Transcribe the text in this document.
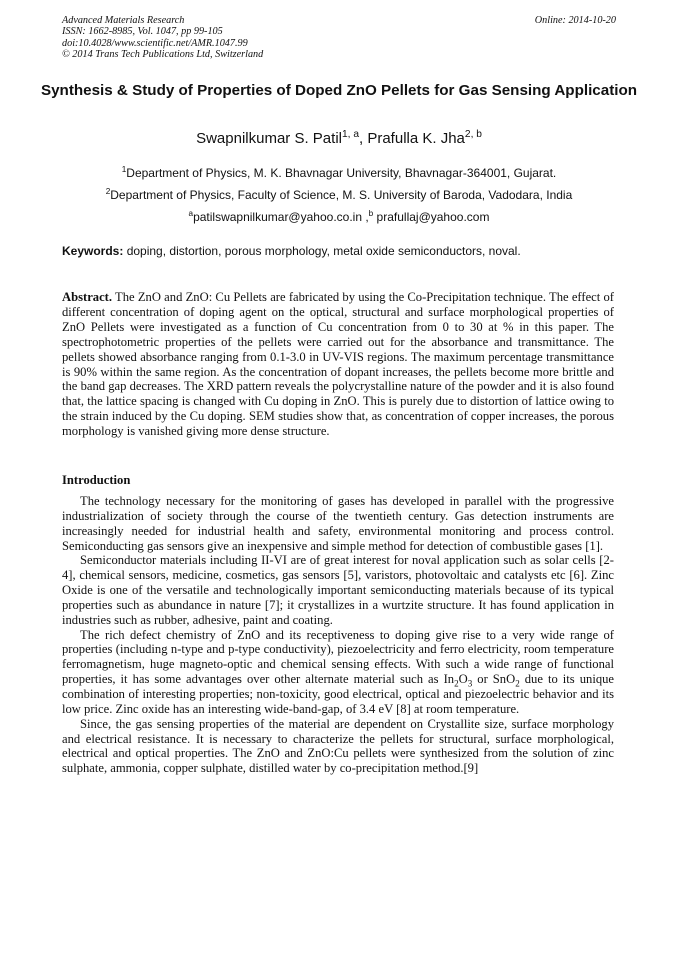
Advanced Materials Research
ISSN: 1662-8985, Vol. 1047, pp 99-105
doi:10.4028/www.scientific.net/AMR.1047.99
© 2014 Trans Tech Publications Ltd, Switzerland
Online: 2014-10-20
Synthesis & Study of Properties of Doped ZnO Pellets for Gas Sensing Application
Swapnilkumar S. Patil$^{1, a}$, Prafulla K. Jha$^{2, b}$
$^1$Department of Physics, M. K. Bhavnagar University, Bhavnagar-364001, Gujarat.
$^2$Department of Physics, Faculty of Science, M. S. University of Baroda, Vadodara, India
$^a$patilswapnilkumar@yahoo.co.in ,$^b$ prafullaj@yahoo.com
Keywords: doping, distortion, porous morphology, metal oxide semiconductors, noval.
Abstract. The ZnO and ZnO: Cu Pellets are fabricated by using the Co-Precipitation technique. The effect of different concentration of doping agent on the optical, structural and surface morphological properties of ZnO Pellets were investigated as a function of Cu concentration from 0 to 30 at % in this paper. The spectrophotometric properties of the pellets were carried out for the absorbance and transmittance. The pellets showed absorbance ranging from 0.1-3.0 in UV-VIS regions. The maximum percentage transmittance is 90% within the same region. As the concentration of dopant increases, the pellets become more brittle and the band gap decreases. The XRD pattern reveals the polycrystalline nature of the powder and it is also found that, the lattice spacing is changed with Cu doping in ZnO. This is purely due to distortion of lattice owing to the strain induced by the Cu doping. SEM studies show that, as concentration of copper increases, the porous morphology is vanished giving more dense structure.
Introduction

The technology necessary for the monitoring of gases has developed in parallel with the progressive industrialization of society through the course of the twentieth century. Gas detection instruments are increasingly needed for industrial health and safety, environmental monitoring and process control. Semiconducting gas sensors give an inexpensive and simple method for detection of combustible gases [1].

Semiconductor materials including II-VI are of great interest for noval application such as solar cells [2-4], chemical sensors, medicine, cosmetics, gas sensors [5], varistors, photovoltaic and catalysts etc [6]. Zinc Oxide is one of the versatile and technologically important semiconducting materials because of its typical properties such as abundance in nature [7]; it crystallizes in a wurtzite structure. It has found application in industries such as rubber, adhesive, paint and coating.

The rich defect chemistry of ZnO and its receptiveness to doping give rise to a very wide range of properties (including n-type and p-type conductivity), piezoelectricity and ferro electricity, room temperature ferromagnetism, huge magneto-optic and chemical sensing effects. With such a wide range of functional properties, it has some advantages over other alternate material such as $In_2O_3$ or SnO$_2$ due to its unique combination of interesting properties; non-toxicity, good electrical, optical and piezoelectric behavior and its low price. Zinc oxide has an interesting wide-band-gap, of 3.4 eV [8] at room temperature.

Since, the gas sensing properties of the material are dependent on Crystallite size, surface morphology and electrical resistance. It is necessary to characterize the pellets for structural, surface morphological, electrical and optical properties. The ZnO and ZnO:Cu pellets were synthesized from the solution of zinc sulphate, ammonia, copper sulphate, distilled water by co-precipitation method.[9]
